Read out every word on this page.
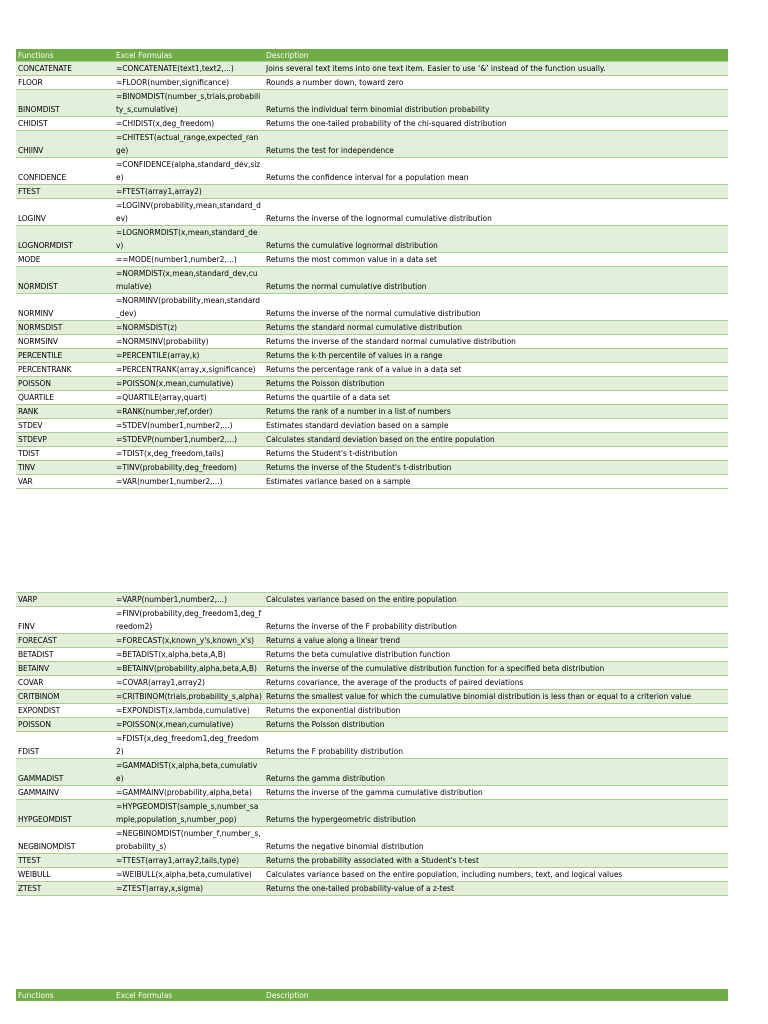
Functions	Excel Formulas	Description
CONCATENATE	=CONCATENATE(text1,text2,...)	Joins several text items into one text item. Easier to use ‘&’ instead of the function usually.
FLOOR	=FLOOR(number,significance)	Rounds a number down, toward zero
BINOMDIST	=BINOMDIST(number_s,trials,probability_s,cumulative)	Returns the individual term binomial distribution probability
CHIDIST	=CHIDIST(x,deg_freedom)	Returns the one-tailed probability of the chi-squared distribution
CHIINV	=CHITEST(actual_range,expected_range)	Returns the test for independence
CONFIDENCE	=CONFIDENCE(alpha,standard_dev,size)	Returns the confidence interval for a population mean
FTEST	=FTEST(array1,array2)	
LOGINV	=LOGINV(probability,mean,standard_dev)	Returns the inverse of the lognormal cumulative distribution
LOGNORMDIST	=LOGNORMDIST(x,mean,standard_dev)	Returns the cumulative lognormal distribution
MODE	==MODE(number1,number2,...)	Returns the most common value in a data set
NORMDIST	=NORMDIST(x,mean,standard_dev,cumulative)	Returns the normal cumulative distribution
NORMINV	=NORMINV(probability,mean,standard_dev)	Returns the inverse of the normal cumulative distribution
NORMSDIST	=NORMSDIST(z)	Returns the standard normal cumulative distribution
NORMSINV	=NORMSINV(probability)	Returns the inverse of the standard normal cumulative distribution
PERCENTILE	=PERCENTILE(array,k)	Returns the k-th percentile of values in a range
PERCENTRANK	=PERCENTRANK(array,x,significance)	Returns the percentage rank of a value in a data set
POISSON	=POISSON(x,mean,cumulative)	Returns the Poisson distribution
QUARTILE	=QUARTILE(array,quart)	Returns the quartile of a data set
RANK	=RANK(number,ref,order)	Returns the rank of a number in a list of numbers
STDEV	=STDEV(number1,number2,...)	Estimates standard deviation based on a sample
STDEVP	=STDEVP(number1,number2,...)	Calculates standard deviation based on the entire population
TDIST	=TDIST(x,deg_freedom,tails)	Returns the Student's t-distribution
TINV	=TINV(probability,deg_freedom)	Returns the inverse of the Student's t-distribution
VAR	=VAR(number1,number2,...)	Estimates variance based on a sample
VARP	=VARP(number1,number2,...)	Calculates variance based on the entire population
FINV	=FINV(probability,deg_freedom1,deg_freedom2)	Returns the inverse of the F probability distribution
FORECAST	=FORECAST(x,known_y's,known_x's)	Returns a value along a linear trend
BETADIST	=BETADIST(x,alpha,beta,A,B)	Returns the beta cumulative distribution function
BETAINV	=BETAINV(probability,alpha,beta,A,B)	Returns the inverse of the cumulative distribution function for a specified beta distribution
COVAR	=COVAR(array1,array2)	Returns covariance, the average of the products of paired deviations
CRITBINOM	=CRITBINOM(trials,probability_s,alpha)	Returns the smallest value for which the cumulative binomial distribution is less than or equal to a criterion value
EXPONDIST	=EXPONDIST(x,lambda,cumulative)	Returns the exponential distribution
POISSON	=POISSON(x,mean,cumulative)	Returns the Poisson distribution
FDIST	=FDIST(x,deg_freedom1,deg_freedom2)	Returns the F probability distribution
GAMMADIST	=GAMMADIST(x,alpha,beta,cumulative)	Returns the gamma distribution
GAMMAINV	=GAMMAINV(probability,alpha,beta)	Returns the inverse of the gamma cumulative distribution
HYPGEOMDIST	=HYPGEOMDIST(sample_s,number_sample,population_s,number_pop)	Returns the hypergeometric distribution
NEGBINOMDIST	=NEGBINOMDIST(number_f,number_s,probability_s)	Returns the negative binomial distribution
TTEST	=TTEST(array1,array2,tails,type)	Returns the probability associated with a Student's t-test
WEIBULL	=WEIBULL(x,alpha,beta,cumulative)	Calculates variance based on the entire population, including numbers, text, and logical values
ZTEST	=ZTEST(array,x,sigma)	Returns the one-tailed probability-value of a z-test
Functions	Excel Formulas	Description
